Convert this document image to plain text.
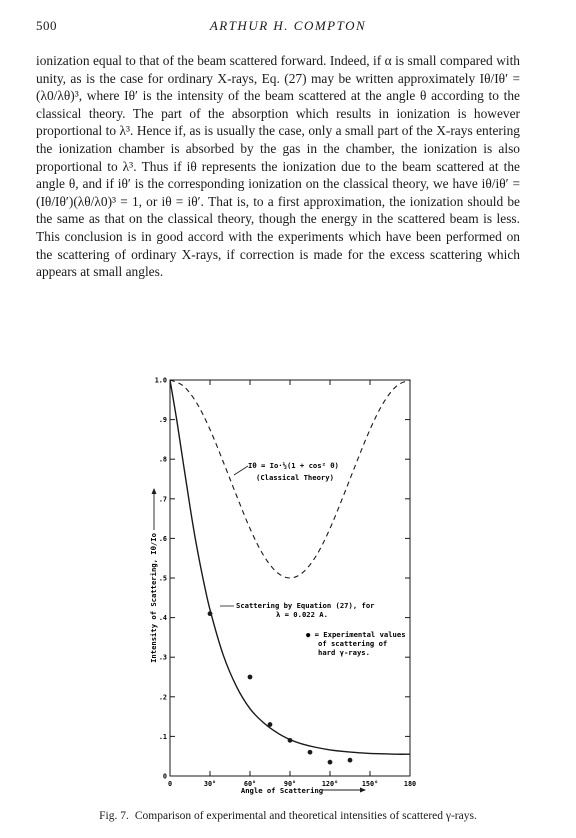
500	ARTHUR H. COMPTON

ionization equal to that of the beam scattered forward. Indeed, if α is small compared with unity, as is the case for ordinary X-rays, Eq. (27) may be written approximately Iθ/Iθ′ = (λ0/λθ)³, where Iθ′ is the intensity of the beam scattered at the angle θ according to the classical theory. The part of the absorption which results in ionization is however proportional to λ³. Hence if, as is usually the case, only a small part of the X-rays entering the ionization chamber is absorbed by the gas in the chamber, the ionization is also proportional to λ³. Thus if iθ represents the ionization due to the beam scattered at the angle θ, and if iθ′ is the corresponding ionization on the classical theory, we have iθ/iθ′ = (Iθ/Iθ′)(λθ/λ0)³ = 1, or iθ = iθ′. That is, to a first approximation, the ionization should be the same as that on the classical theory, though the energy in the scattered beam is less. This conclusion is in good accord with the experiments which have been performed on the scattering of ordinary X-rays, if correction is made for the excess scattering which appears at small angles.

0
.1
.2
.3
.4
.5
.6
.7
.8
.9
1.0
0	30°	60°	90°	120°	150°	180
Intensity of Scattering, Iθ/Io
Angle of Scattering
Iθ = Io·½(1 + cos² θ)
(Classical Theory)
Scattering by Equation (27), for
λ = 0.022 A.
● = Experimental values
of scattering of
hard γ-rays.
Fig. 7. Comparison of experimental and theoretical intensities of scattered γ-rays.
